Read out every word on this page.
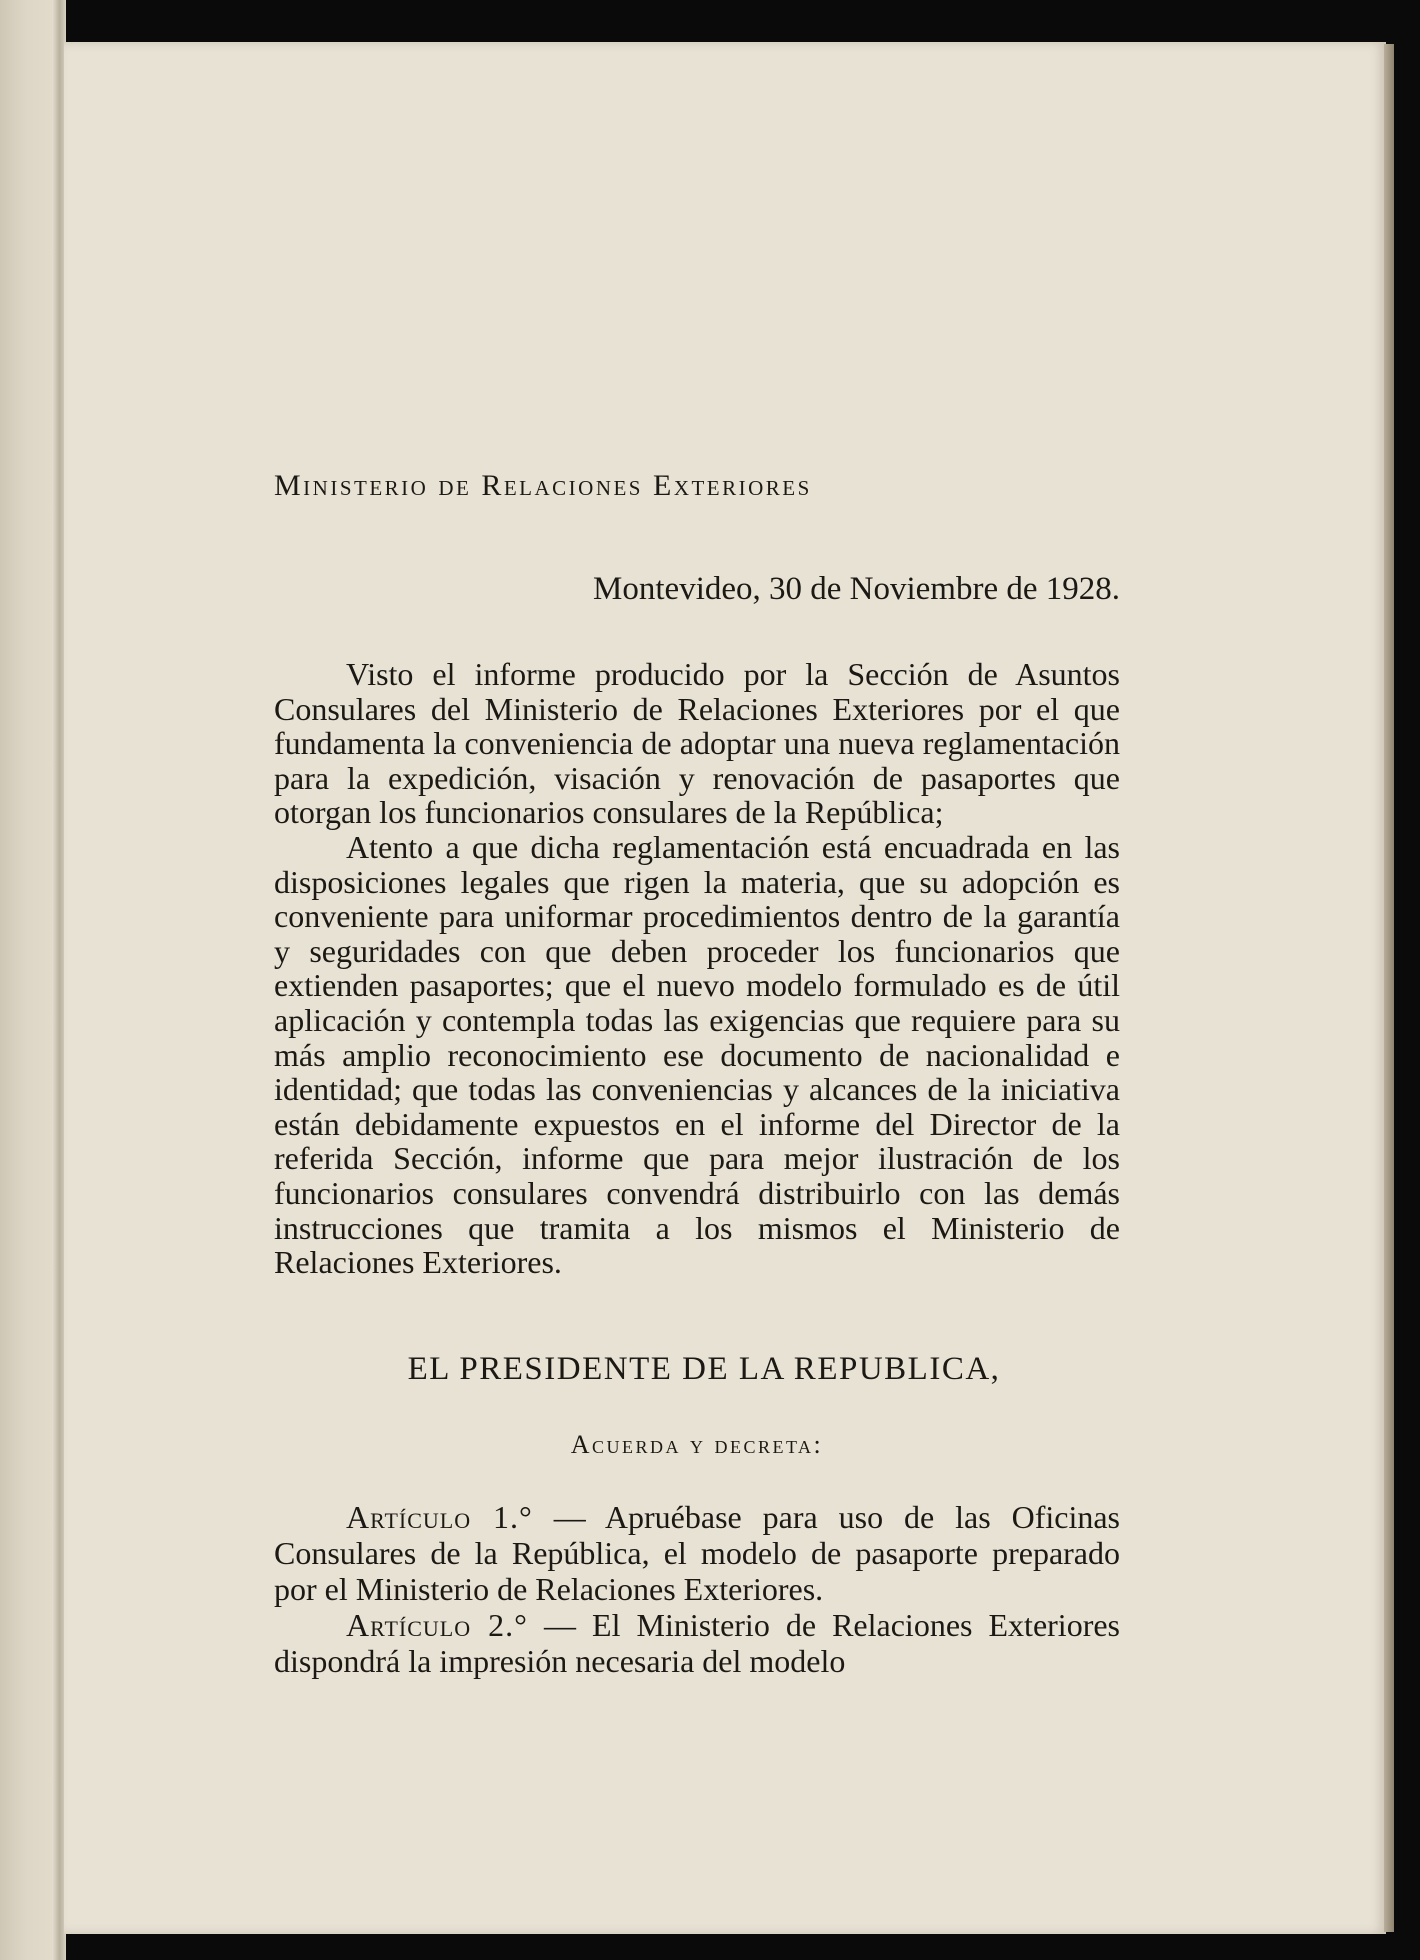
Ministerio de Relaciones Exteriores

Montevideo, 30 de Noviembre de 1928.

Visto el informe producido por la Sección de Asuntos Consulares del Ministerio de Relaciones Exteriores por el que fundamenta la conveniencia de adoptar una nueva reglamentación para la expedición, visación y renovación de pasaportes que otorgan los funcionarios consulares de la República;

Atento a que dicha reglamentación está encuadrada en las disposiciones legales que rigen la materia, que su adopción es conveniente para uniformar procedimientos dentro de la garantía y seguridades con que deben proceder los funcionarios que extienden pasaportes; que el nuevo modelo formulado es de útil aplicación y contempla todas las exigencias que requiere para su más amplio reconocimiento ese documento de nacionalidad e identidad; que todas las conveniencias y alcances de la iniciativa están debidamente expuestos en el informe del Director de la referida Sección, informe que para mejor ilustración de los funcionarios consulares convendrá distribuirlo con las demás instrucciones que tramita a los mismos el Ministerio de Relaciones Exteriores.

EL PRESIDENTE DE LA REPUBLICA,

Acuerda y decreta:

Artículo 1.° — Apruébase para uso de las Oficinas Consulares de la República, el modelo de pasaporte preparado por el Ministerio de Relaciones Exteriores.

Artículo 2.° — El Ministerio de Relaciones Exteriores dispondrá la impresión necesaria del modelo
